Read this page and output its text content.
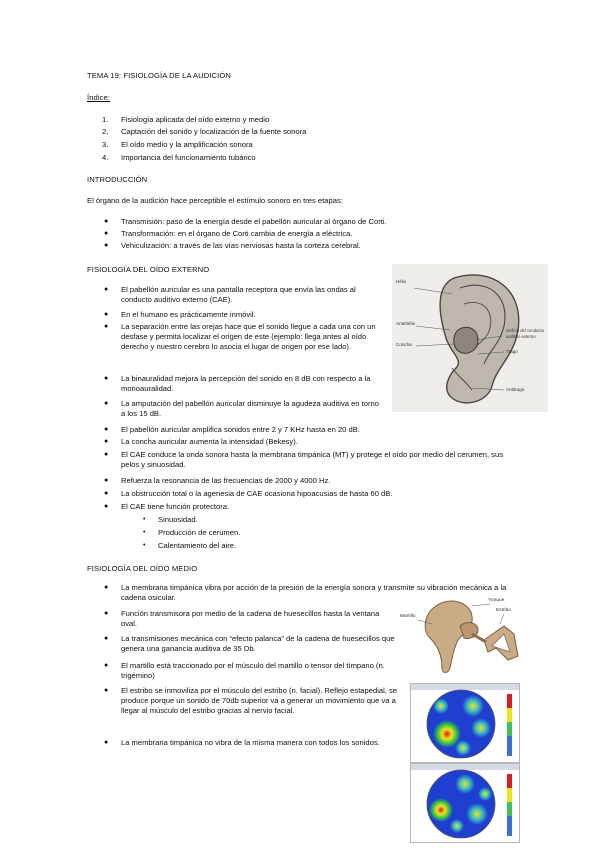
TEMA 19: FISIOLOGÍA DE LA AUDICIÓN
Índice:
1. Fisiología aplicada del oído externo y medio
2. Captación del sonido y localización de la fuente sonora
3. El oído medio y la amplificación sonora
4. Importancia del funcionamiento tubárico
INTRODUCCIÓN
El órgano de la audición hace perceptible el estímulo sonoro en tres etapas:
● Transmisión: paso de la energía desde el pabellón auricular al órgano de Corti.
● Transformación: en el órgano de Corti cambia de energía a eléctrica.
● Vehiculización: a través de las vías nerviosas hasta la corteza cerebral.
FISIOLOGÍA DEL OÍDO EXTERNO
● El pabellón auricular es una pantalla receptora que envía las ondas al conducto auditivo externo (CAE).
● En el humano es prácticamente inmóvil.
● La separación entre las orejas hace que el sonido llegue a cada una con un desfase y permita localizar el origen de este (ejemplo: llega antes al oído derecho y nuestro cerebro lo asocia el lugar de origen por ese lado).
● La binauralidad mejora la percepción del sonido en 8 dB con respecto a la monoauralidad.
● La amputación del pabellón auricular disminuye la agudeza auditiva en torno a los 15 dB.
● El pabellón auricular amplifica sonidos entre 2 y 7 KHz hasta en 20 dB.
● La concha auricular aumenta la intensidad (Bekesy).
● El CAE conduce la onda sonora hasta la membrana timpánica (MT) y protege el oído por medio del cerumen, sus pelos y sinuosidad.
● Refuerza la resonancia de las frecuencias de 2000 y 4000 Hz.
● La obstrucción total o la agenesia de CAE ocasiona hipoacusias de hasta 60 dB.
● El CAE tiene función protectora:
• Sinuosidad.
• Producción de cerumen.
• Calentamiento del aire.
Hélix
Antehélix
Concha
Orificio del conducto auditivo externo
Trago
Antitrago
FISIOLOGÍA DEL OÍDO MEDIO
● La membrana timpánica vibra por acción de la presión de la energía sonora y transmite su vibración mecánica a la cadena osicular.
● Función transmisora por medio de la cadena de huesecillos hasta la ventana oval.
● La transmisiones mecánica con “efecto palanca” de la cadena de huesecillos que genera una ganancia auditiva de 35 Db.
● El martillo está traccionado por el músculo del martillo o tensor del tímpano (n. trigémino)
● El estribo se inmoviliza por el músculo del estribo (n. facial). Reflejo estapedial, se produce porque un sonido de 70db superior va a generar un movimiento que va a llegar al músculo del estribo gracias al nervio facial.
● La membrana timpánica no vibra de la misma manera con todos los sonidos.
Martillo
Yunque
Estribo
